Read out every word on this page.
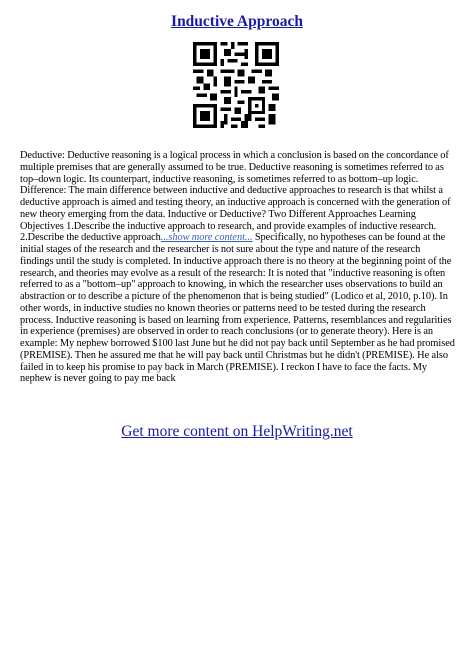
Inductive Approach
Deductive: Deductive reasoning is a logical process in which a conclusion is based on the concordance of multiple premises that are generally assumed to be true. Deductive reasoning is sometimes referred to as top–down logic. Its counterpart, inductive reasoning, is sometimes referred to as bottom–up logic. Difference: The main difference between inductive and deductive approaches to research is that whilst a deductive approach is aimed and testing theory, an inductive approach is concerned with the generation of new theory emerging from the data. Inductive or Deductive? Two Different Approaches Learning Objectives 1.Describe the inductive approach to research, and provide examples of inductive research. 2.Describe the deductive approach...show more content... Specifically, no hypotheses can be found at the initial stages of the research and the researcher is not sure about the type and nature of the research findings until the study is completed. In inductive approach there is no theory at the beginning point of the research, and theories may evolve as a result of the research: It is noted that "inductive reasoning is often referred to as a "bottom–up" approach to knowing, in which the researcher uses observations to build an abstraction or to describe a picture of the phenomenon that is being studied" (Lodico et al, 2010, p.10). In other words, in inductive studies no known theories or patterns need to be tested during the research process. Inductive reasoning is based on learning from experience. Patterns, resemblances and regularities in experience (premises) are observed in order to reach conclusions (or to generate theory). Here is an example: My nephew borrowed $100 last June but he did not pay back until September as he had promised (PREMISE). Then he assured me that he will pay back until Christmas but he didn't (PREMISE). He also failed in to keep his promise to pay back in March (PREMISE). I reckon I have to face the facts. My nephew is never going to pay me back
Get more content on HelpWriting.net
